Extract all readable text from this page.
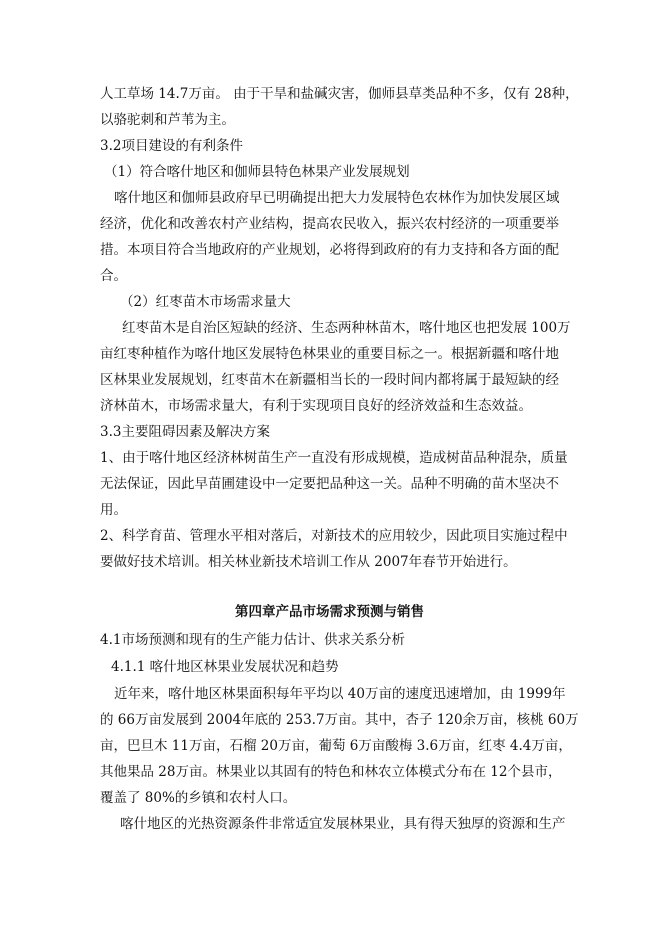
人工草场 14.7万亩。 由于干旱和盐碱灾害，伽师县草类品种不多，仅有 28种，
以骆驼刺和芦苇为主。
3.2项目建设的有利条件
（1）符合喀什地区和伽师县特色林果产业发展规划
喀什地区和伽师县政府早已明确提出把大力发展特色农林作为加快发展区域
经济，优化和改善农村产业结构，提高农民收入，振兴农村经济的一项重要举
措。本项目符合当地政府的产业规划，必将得到政府的有力支持和各方面的配
合。
（2）红枣苗木市场需求量大
红枣苗木是自治区短缺的经济、生态两种林苗木，喀什地区也把发展 100万
亩红枣种植作为喀什地区发展特色林果业的重要目标之一。根据新疆和喀什地
区林果业发展规划，红枣苗木在新疆相当长的一段时间内都将属于最短缺的经
济林苗木，市场需求量大，有利于实现项目良好的经济效益和生态效益。
3.3主要阻碍因素及解决方案
1、由于喀什地区经济林树苗生产一直没有形成规模，造成树苗品种混杂，质量
无法保证，因此早苗圃建设中一定要把品种这一关。品种不明确的苗木坚决不
用。
2、科学育苗、管理水平相对落后，对新技术的应用较少，因此项目实施过程中
要做好技术培训。相关林业新技术培训工作从 2007年春节开始进行。
第四章产品市场需求预测与销售
4.1市场预测和现有的生产能力估计、供求关系分析
4.1.1 喀什地区林果业发展状况和趋势
近年来，喀什地区林果面积每年平均以 40万亩的速度迅速增加，由 1999年
的 66万亩发展到 2004年底的 253.7万亩。其中，杏子 120余万亩，核桃 60万
亩，巴旦木 11万亩，石榴 20万亩，葡萄 6万亩酸梅 3.6万亩，红枣 4.4万亩，
其他果品 28万亩。林果业以其固有的特色和林农立体模式分布在 12个县市，
覆盖了 80%的乡镇和农村人口。
喀什地区的光热资源条件非常适宜发展林果业，具有得天独厚的资源和生产
